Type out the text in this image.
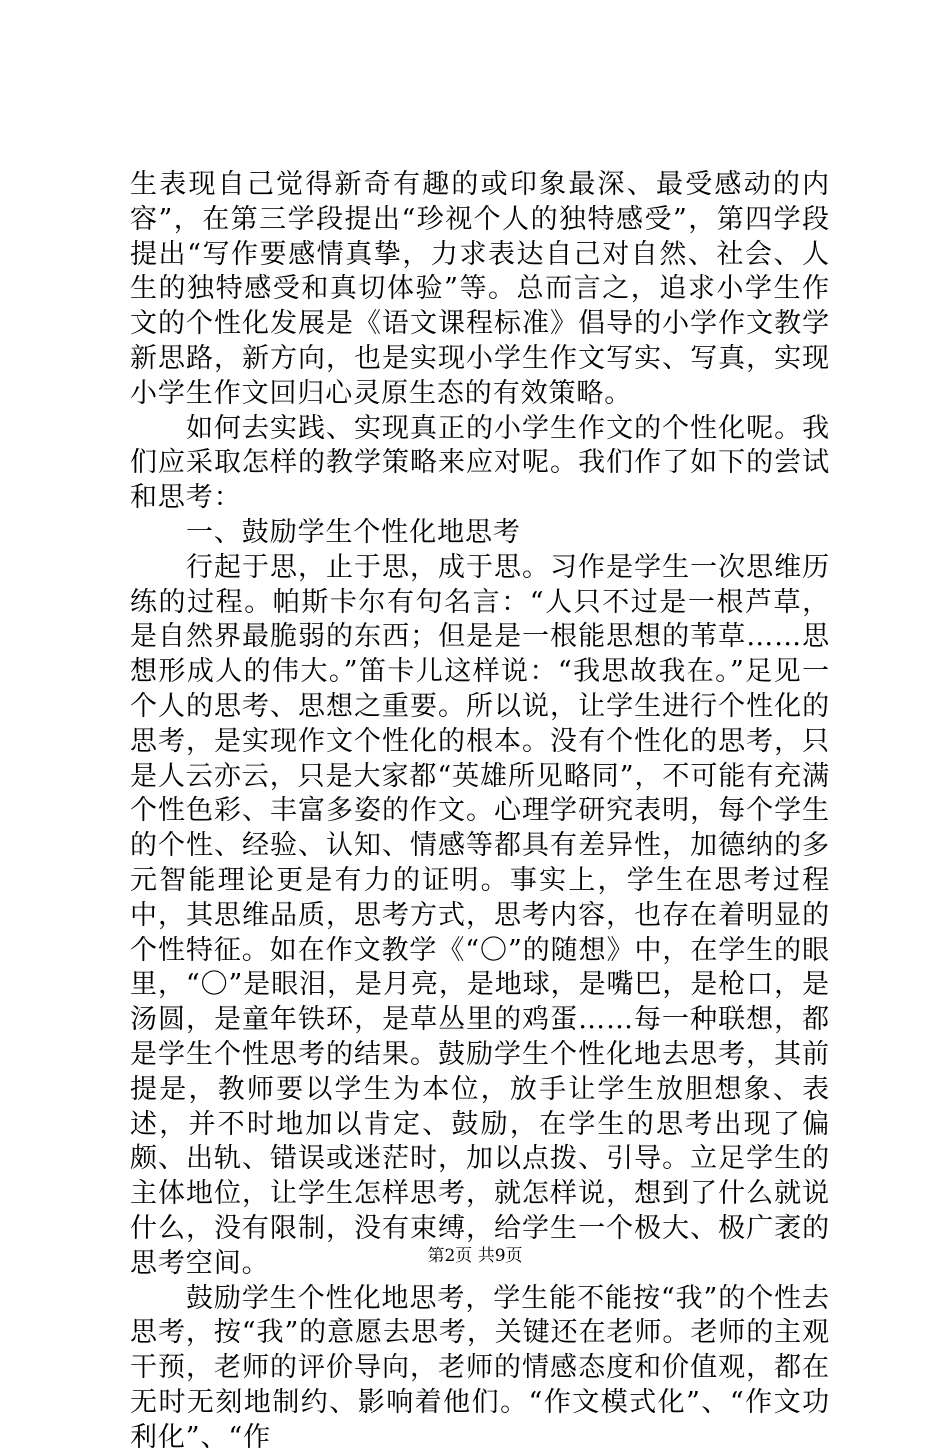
生表现自己觉得新奇有趣的或印象最深、最受感动的内容”，在第三学段提出“珍视个人的独特感受”，第四学段提出“写作要感情真挚，力求表达自己对自然、社会、人生的独特感受和真切体验”等。总而言之，追求小学生作文的个性化发展是《语文课程标准》倡导的小学作文教学新思路，新方向，也是实现小学生作文写实、写真，实现小学生作文回归心灵原生态的有效策略。

如何去实践、实现真正的小学生作文的个性化呢。我们应采取怎样的教学策略来应对呢。我们作了如下的尝试和思考：

一、鼓励学生个性化地思考

行起于思，止于思，成于思。习作是学生一次思维历练的过程。帕斯卡尔有句名言：“人只不过是一根芦草，是自然界最脆弱的东西；但是是一根能思想的苇草……思想形成人的伟大。”笛卡儿这样说：“我思故我在。”足见一个人的思考、思想之重要。所以说，让学生进行个性化的思考，是实现作文个性化的根本。没有个性化的思考，只是人云亦云，只是大家都“英雄所见略同”，不可能有充满个性色彩、丰富多姿的作文。心理学研究表明，每个学生的个性、经验、认知、情感等都具有差异性，加德纳的多元智能理论更是有力的证明。事实上，学生在思考过程中，其思维品质，思考方式，思考内容，也存在着明显的个性特征。如在作文教学《“〇”的随想》中，在学生的眼里，“〇”是眼泪，是月亮，是地球，是嘴巴，是枪口，是汤圆，是童年铁环，是草丛里的鸡蛋……每一种联想，都是学生个性思考的结果。鼓励学生个性化地去思考，其前提是，教师要以学生为本位，放手让学生放胆想象、表述，并不时地加以肯定、鼓励，在学生的思考出现了偏颇、出轨、错误或迷茫时，加以点拨、引导。立足学生的主体地位，让学生怎样思考，就怎样说，想到了什么就说什么，没有限制，没有束缚，给学生一个极大、极广袤的思考空间。

鼓励学生个性化地思考，学生能不能按“我”的个性去思考，按“我”的意愿去思考，关键还在老师。老师的主观干预，老师的评价导向，老师的情感态度和价值观，都在无时无刻地制约、影响着他们。“作文模式化”、“作文功利化”、“作

第2页 共9页
